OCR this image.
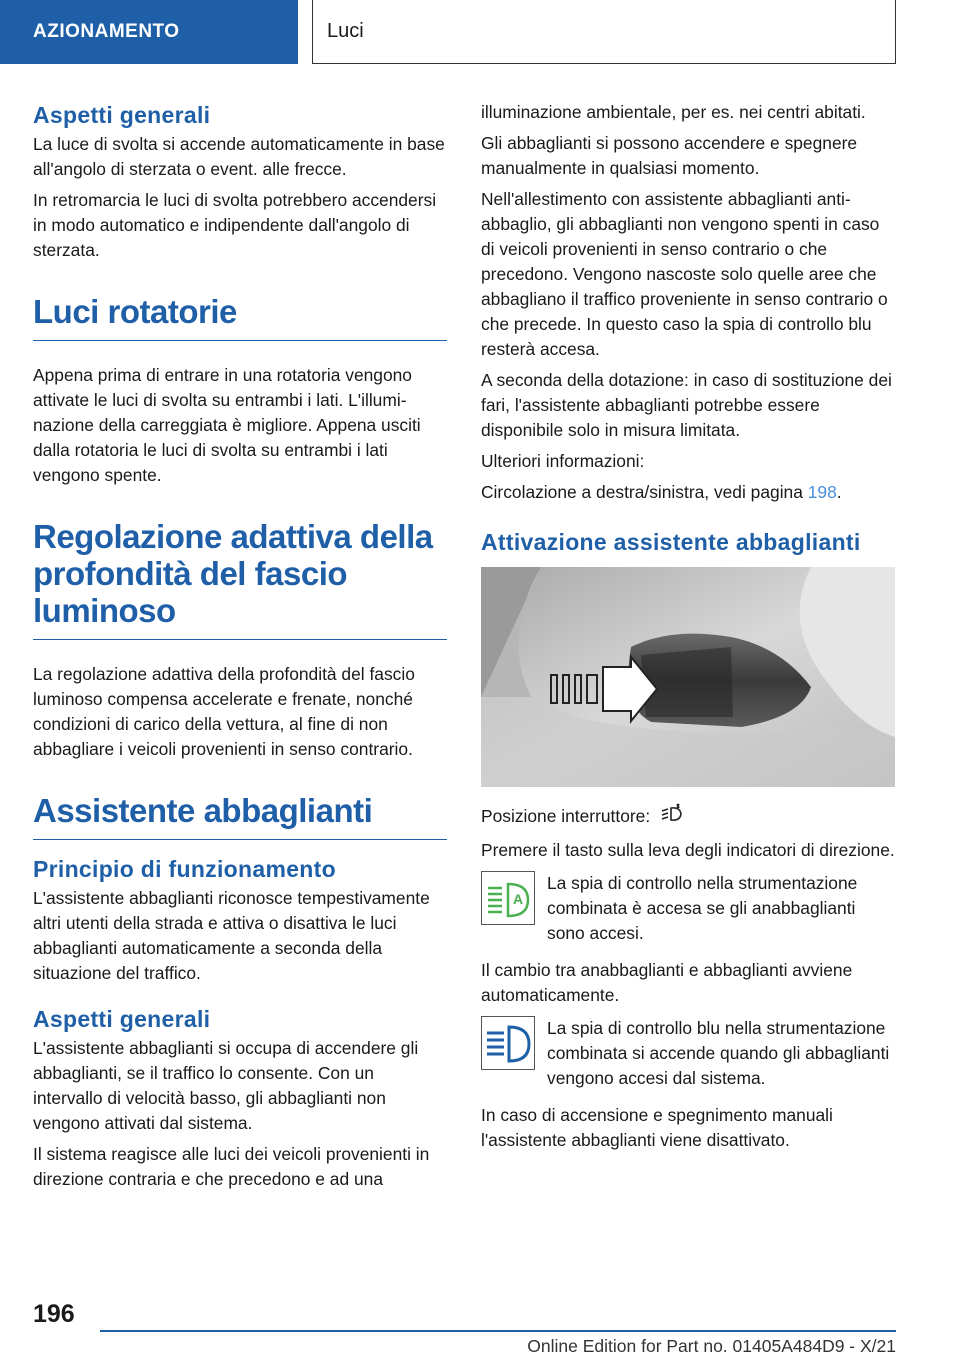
AZIONAMENTO	Luci
Aspetti generali

La luce di svolta si accende automaticamente in base all'angolo di sterzata o event. alle frecce.

In retromarcia le luci di svolta potrebbero accendersi in modo automatico e indipendente dall'angolo di sterzata.

Luci rotatorie

Appena prima di entrare in una rotatoria vengono attivate le luci di svolta su entrambi i lati. L'illuminazione della carreggiata è migliore. Appena usciti dalla rotatoria le luci di svolta su entrambi i lati vengono spente.

Regolazione adattiva della profondità del fascio luminoso

La regolazione adattiva della profondità del fascio luminoso compensa accelerate e frenate, nonché condizioni di carico della vettura, al fine di non abbagliare i veicoli provenienti in senso contrario.

Assistente abbaglianti
Principio di funzionamento

L'assistente abbaglianti riconosce tempestivamente altri utenti della strada e attiva o disattiva le luci abbaglianti automaticamente a seconda della situazione del traffico.

Aspetti generali

L'assistente abbaglianti si occupa di accendere gli abbaglianti, se il traffico lo consente. Con un intervallo di velocità basso, gli abbaglianti non vengono attivati dal sistema.

Il sistema reagisce alle luci dei veicoli provenienti in direzione contraria e che precedono e ad una

illuminazione ambientale, per es. nei centri abitati.

Gli abbaglianti si possono accendere e spegnere manualmente in qualsiasi momento.

Nell'allestimento con assistente abbaglianti antiabbaglio, gli abbaglianti non vengono spenti in caso di veicoli provenienti in senso contrario o che precedono. Vengono nascoste solo quelle aree che abbagliano il traffico proveniente in senso contrario o che precede. In questo caso la spia di controllo blu resterà accesa.

A seconda della dotazione: in caso di sostituzione dei fari, l'assistente abbaglianti potrebbe essere disponibile solo in misura limitata.

Ulteriori informazioni:

Circolazione a destra/sinistra, vedi pagina 198.

Attivazione assistente abbaglianti

Posizione interruttore:

Premere il tasto sulla leva degli indicatori di direzione.

A

La spia di controllo nella strumentazione combinata è accesa se gli anabbaglianti sono accesi.

Il cambio tra anabbaglianti e abbaglianti avviene automaticamente.

La spia di controllo blu nella strumentazione combinata si accende quando gli abbaglianti vengono accesi dal sistema.

In caso di accensione e spegnimento manuali l'assistente abbaglianti viene disattivato.

196
Online Edition for Part no. 01405A484D9 - X/21
